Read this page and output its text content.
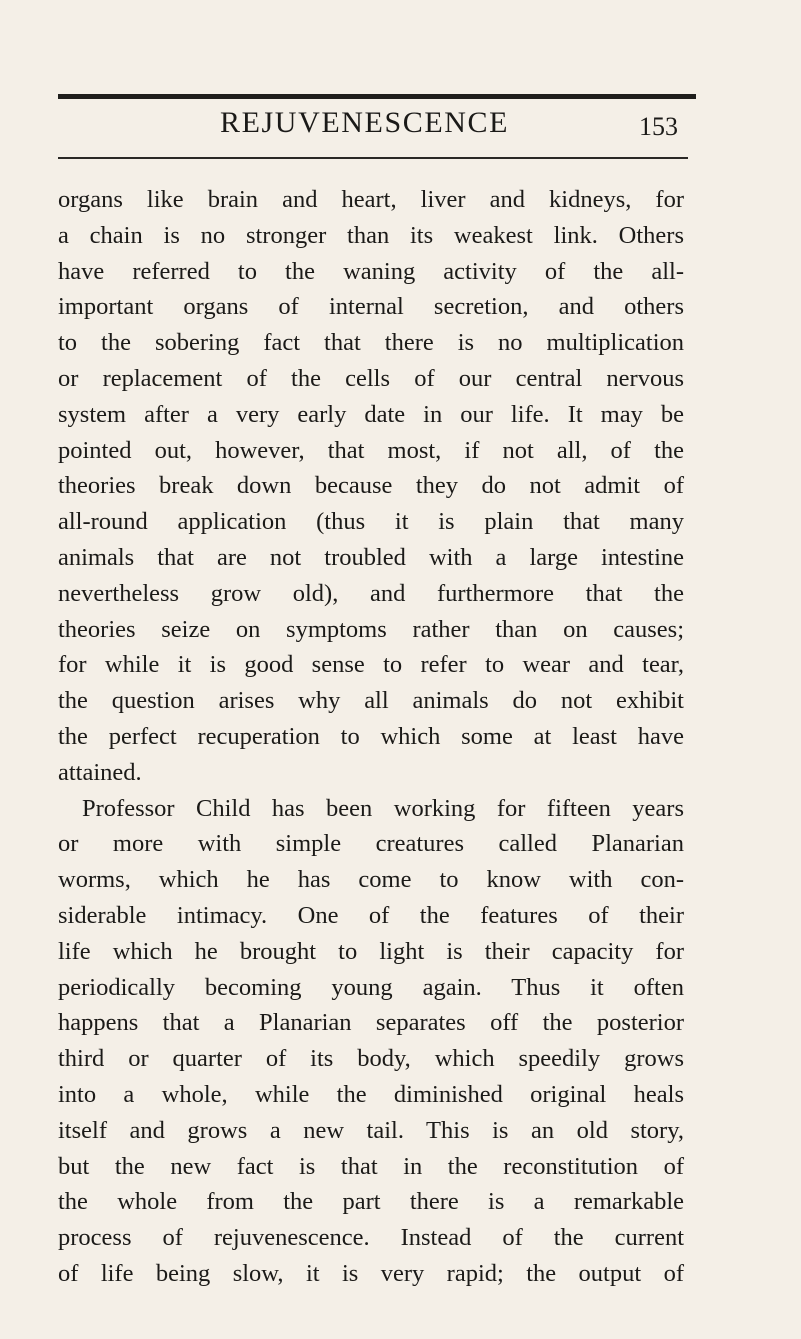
REJUVENESCENCE	153
organs like brain and heart, liver and kidneys, for
a chain is no stronger than its weakest link. Others
have referred to the waning activity of the all-
important organs of internal secretion, and others
to the sobering fact that there is no multiplication
or replacement of the cells of our central nervous
system after a very early date in our life. It may be
pointed out, however, that most, if not all, of the
theories break down because they do not admit of
all-round application (thus it is plain that many
animals that are not troubled with a large intestine
nevertheless grow old), and furthermore that the
theories seize on symptoms rather than on causes;
for while it is good sense to refer to wear and tear,
the question arises why all animals do not exhibit
the perfect recuperation to which some at least have
attained.
Professor Child has been working for fifteen years
or more with simple creatures called Planarian
worms, which he has come to know with con-
siderable intimacy. One of the features of their
life which he brought to light is their capacity for
periodically becoming young again. Thus it often
happens that a Planarian separates off the posterior
third or quarter of its body, which speedily grows
into a whole, while the diminished original heals
itself and grows a new tail. This is an old story,
but the new fact is that in the reconstitution of
the whole from the part there is a remarkable
process of rejuvenescence. Instead of the current
of life being slow, it is very rapid; the output of
